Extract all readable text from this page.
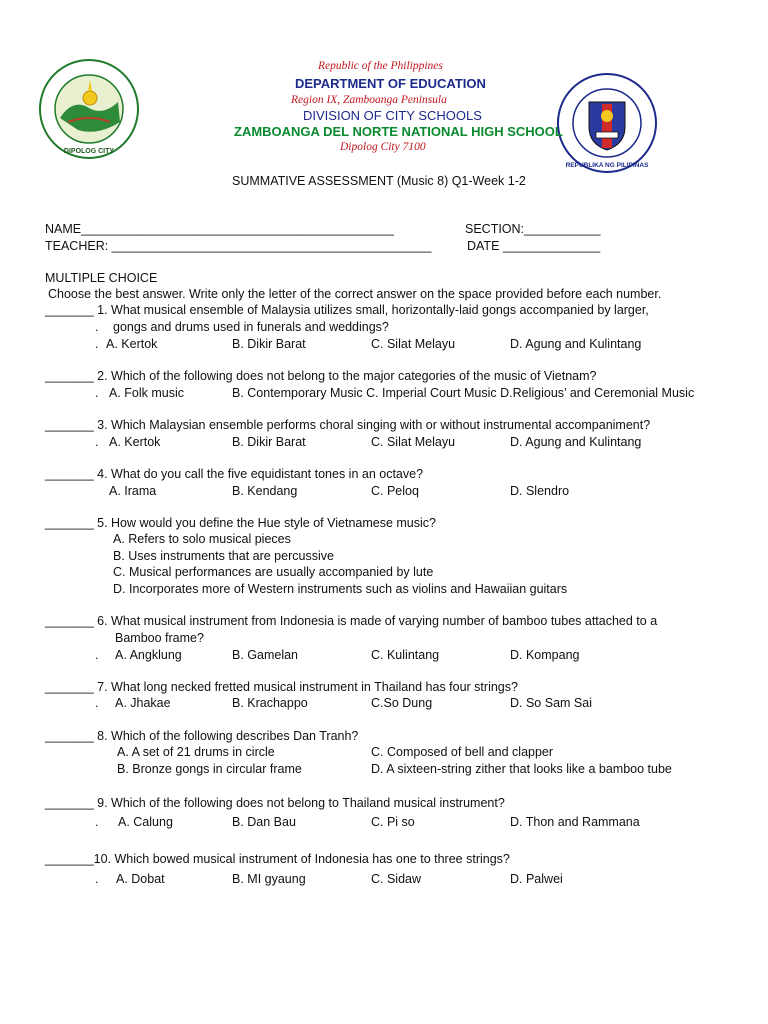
DIPOLOG CITY
REPUBLIKA NG PILIPINAS
Republic of the Philippines
DEPARTMENT OF EDUCATION
Region IX, Zamboanga Peninsula
DIVISION OF CITY SCHOOLS
ZAMBOANGA DEL NORTE NATIONAL HIGH SCHOOL
Dipolog City 7100
SUMMATIVE ASSESSMENT (Music 8) Q1-Week 1-2
NAME_____________________________________________	SECTION:___________
TEACHER: ______________________________________________	DATE ______________
MULTIPLE CHOICE
Choose the best answer. Write only the letter of the correct answer on the space provided before each number.
_______ 1. What musical ensemble of Malaysia utilizes small, horizontally-laid gongs accompanied by larger,
. gongs and drums used in funerals and weddings?
. A. Kertok	B. Dikir Barat	C. Silat Melayu	D. Agung and Kulintang
_______ 2. Which of the following does not belong to the major categories of the music of Vietnam?
. A. Folk music	B. Contemporary Music C. Imperial Court Music D.Religious’ and Ceremonial Music
_______ 3. Which Malaysian ensemble performs choral singing with or without instrumental accompaniment?
. A. Kertok	B. Dikir Barat	C. Silat Melayu	D. Agung and Kulintang
_______ 4. What do you call the five equidistant tones in an octave?
A. Irama	B. Kendang	C. Peloq	D. Slendro
_______ 5. How would you define the Hue style of Vietnamese music?
A. Refers to solo musical pieces
B. Uses instruments that are percussive
C. Musical performances are usually accompanied by lute
D. Incorporates more of Western instruments such as violins and Hawaiian guitars
_______ 6. What musical instrument from Indonesia is made of varying number of bamboo tubes attached to a
Bamboo frame?
. A. Angklung	B. Gamelan	C. Kulintang	D. Kompang
_______ 7. What long necked fretted musical instrument in Thailand has four strings?
. A. Jhakae	B. Krachappo	C.So Dung	D. So Sam Sai
_______ 8. Which of the following describes Dan Tranh?
A. A set of 21 drums in circle	C. Composed of bell and clapper
B. Bronze gongs in circular frame	D. A sixteen-string zither that looks like a bamboo tube
_______ 9. Which of the following does not belong to Thailand musical instrument?
. A. Calung	B. Dan Bau	C. Pi so	D. Thon and Rammana
_______10. Which bowed musical instrument of Indonesia has one to three strings?
. A. Dobat	B. MI gyaung	C. Sidaw	D. Palwei
